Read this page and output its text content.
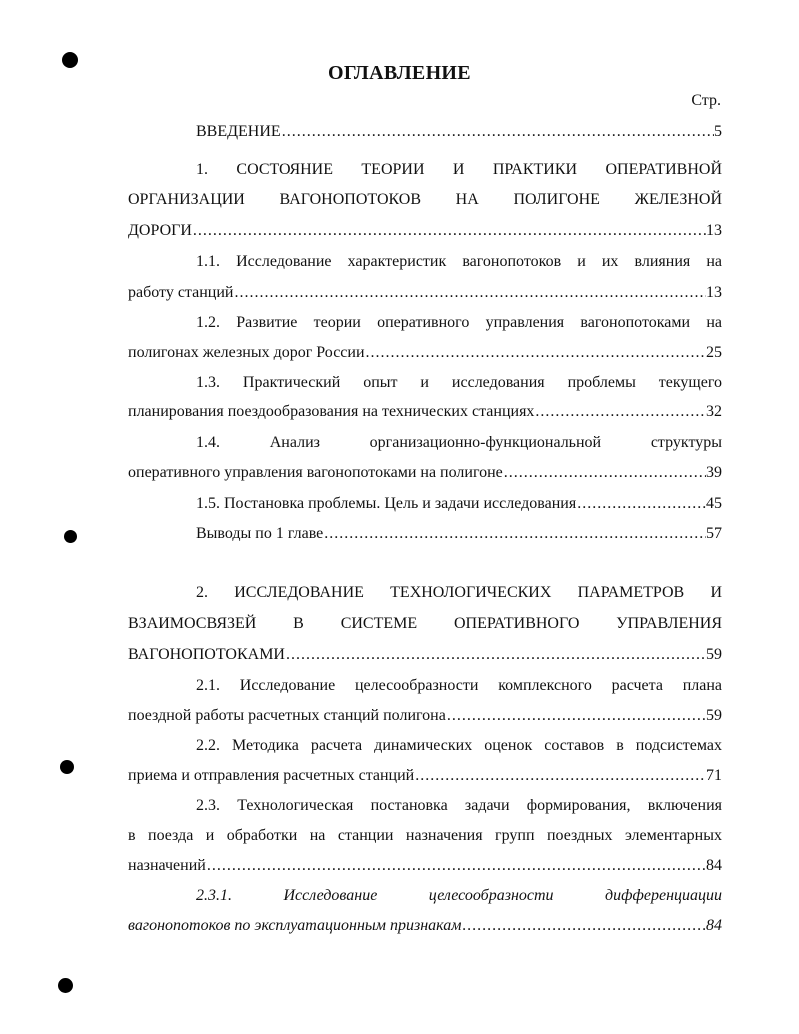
ОГЛАВЛЕНИЕ
Стр.
ВВЕДЕНИЕ .....	5
1. СОСТОЯНИЕ ТЕОРИИ И ПРАКТИКИ ОПЕРАТИВНОЙ
ОРГАНИЗАЦИИ ВАГОНОПОТОКОВ НА ПОЛИГОНЕ ЖЕЛЕЗНОЙ
ДОРОГИ .....	13
1.1. Исследование характеристик вагонопотоков и их влияния на
работу станций .....	13
1.2. Развитие теории оперативного управления вагонопотоками на
полигонах железных дорог России .....	25
1.3. Практический опыт и исследования проблемы текущего
планирования поездообразования на технических станциях .....	32
1.4. Анализ организационно-функциональной структуры
оперативного управления вагонопотоками на полигоне .....	39
1.5. Постановка проблемы. Цель и задачи исследования .....	45
Выводы по 1 главе .....	57
2. ИССЛЕДОВАНИЕ ТЕХНОЛОГИЧЕСКИХ ПАРАМЕТРОВ И
ВЗАИМОСВЯЗЕЙ В СИСТЕМЕ ОПЕРАТИВНОГО УПРАВЛЕНИЯ
ВАГОНОПОТОКАМИ .....	59
2.1. Исследование целесообразности комплексного расчета плана
поездной работы расчетных станций полигона .....	59
2.2. Методика расчета динамических оценок составов в подсистемах
приема и отправления расчетных станций .....	71
2.3. Технологическая постановка задачи формирования, включения
в поезда и обработки на станции назначения групп поездных элементарных
назначений .....	84
2.3.1. Исследование целесообразности дифференциации
вагонопотоков по эксплуатационным признакам .....	84
